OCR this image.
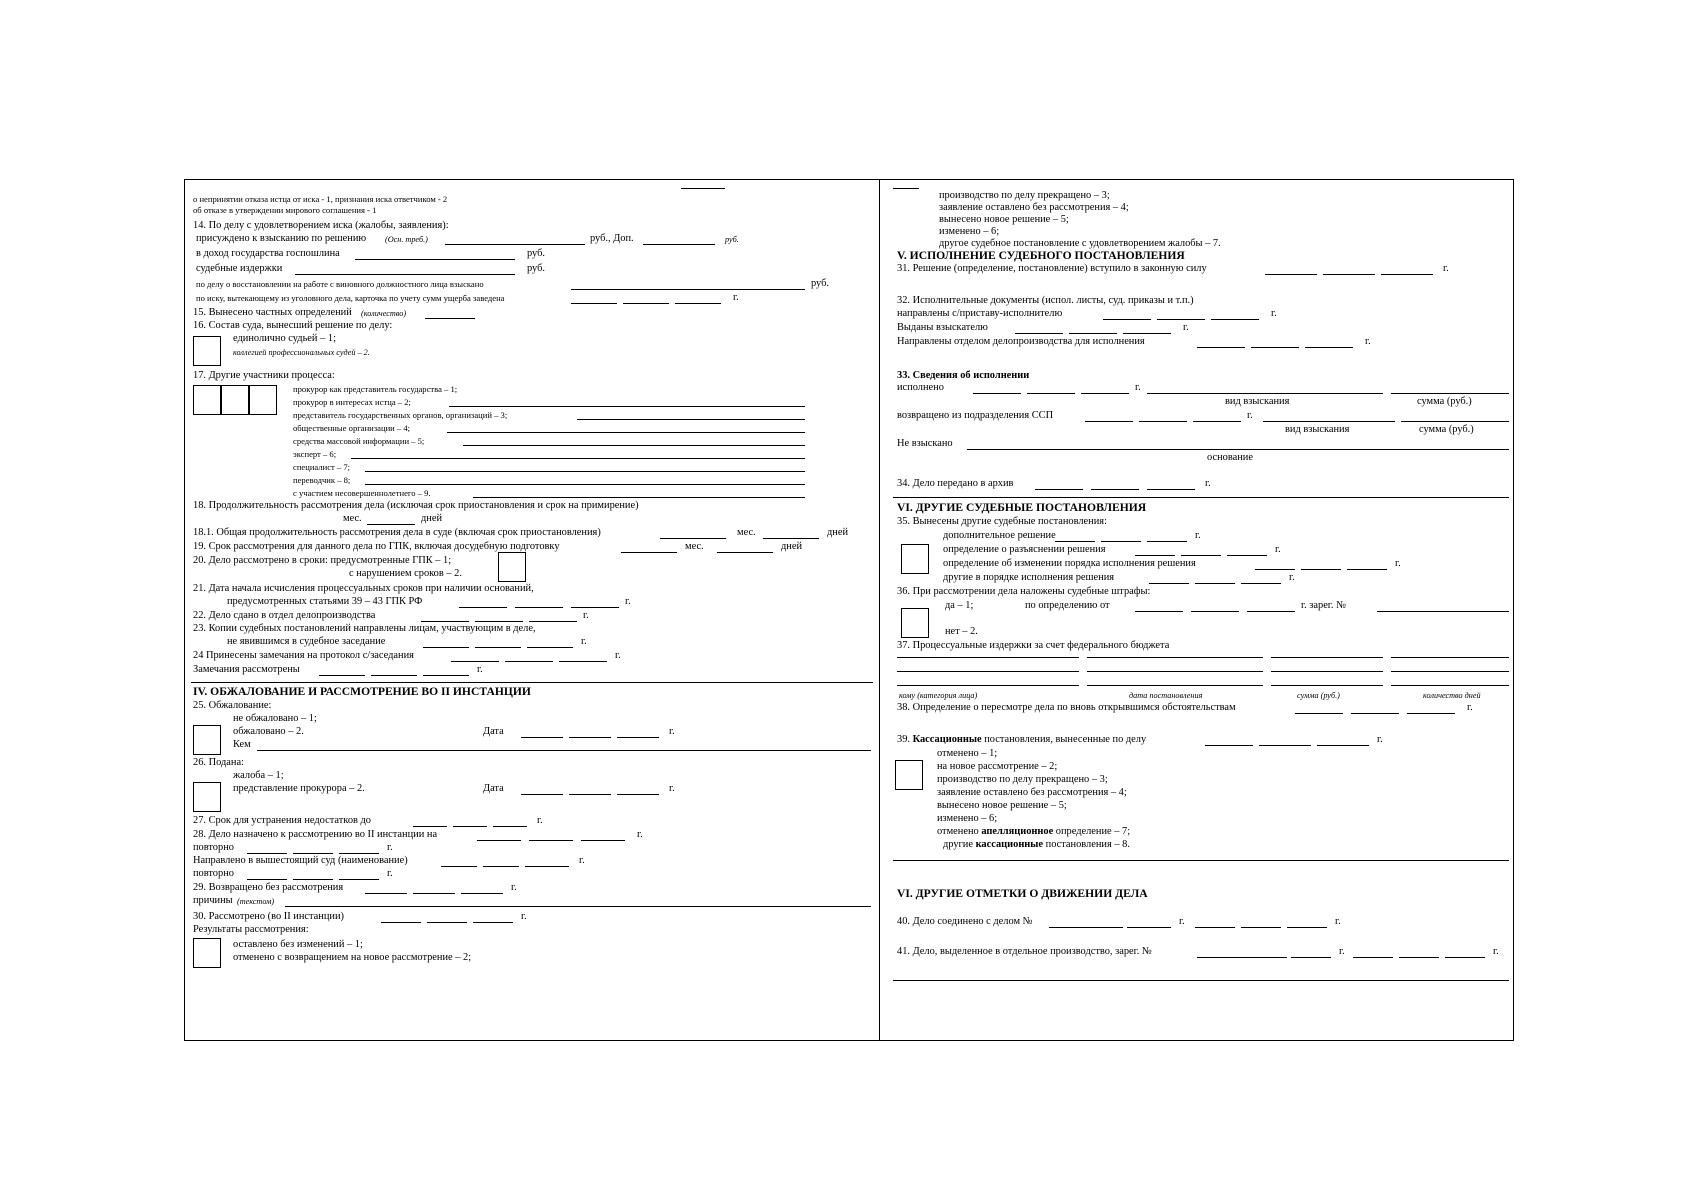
о непринятии отказа истца от иска - 1, признания иска ответчиком - 2
об отказе в утверждении мирового соглашения - 1
14. По делу с удовлетворением иска (жалобы, заявления):
присуждено к взысканию по решению (Осн. треб.)	руб., Доп.	руб.
в доход государства госпошлина	руб.
судебные издержки	руб.
по делу о восстановлении на работе с виновного должностного лица взыскано	руб.
по иску, вытекающему из уголовного дела, карточка по учету сумм ущерба заведена	г.
15. Вынесено частных определений (количество)
16. Состав суда, вынесший решение по делу:
единолично судьей – 1;
коллегией профессиональных судей – 2.
17. Другие участники процесса:
прокурор как представитель государства – 1;
прокурор в интересах истца – 2;
представитель государственных органов, организаций – 3;
общественные организации – 4;
средства массовой информации – 5;
эксперт – 6;
специалист – 7;
переводчик – 8;
с участием несовершеннолетнего – 9.
18. Продолжительность рассмотрения дела (исключая срок приостановления и срок на примирение)
мес.	дней
18.1. Общая продолжительность рассмотрения дела в суде (включая срок приостановления)	мес.	дней
19. Срок рассмотрения для данного дела по ГПК, включая досудебную подготовку	мес.	дней
20. Дело рассмотрено в сроки: предусмотренные ГПК – 1;
с нарушением сроков – 2.
21. Дата начала исчисления процессуальных сроков при наличии оснований,
предусмотренных статьями 39 – 43 ГПК РФ	г.
22. Дело сдано в отдел делопроизводства	г.
23. Копии судебных постановлений направлены лицам, участвующим в деле,
не явившимся в судебное заседание	г.
24 Принесены замечания на протокол с/заседания	г.
Замечания рассмотрены	г.
IV. ОБЖАЛОВАНИЕ И РАССМОТРЕНИЕ ВО II ИНСТАНЦИИ
25. Обжалование:
не обжаловано – 1;
обжаловано – 2.	Дата	г.
Кем
26. Подана:
жалоба – 1;
представление прокурора – 2.	Дата	г.
27. Срок для устранения недостатков до	г.
28. Дело назначено к рассмотрению во II инстанции на	г.
повторно	г.
Направлено в вышестоящий суд (наименование)	г.
повторно	г.
29. Возвращено без рассмотрения	г.
причины (текстом)
30. Рассмотрено (во II инстанции)	г.
Результаты рассмотрения:
оставлено без изменений – 1;
отменено с возвращением на новое рассмотрение – 2;
производство по делу прекращено – 3;
заявление оставлено без рассмотрения – 4;
вынесено новое решение – 5;
изменено – 6;
другое судебное постановление с удовлетворением жалобы – 7.
V. ИСПОЛНЕНИЕ СУДЕБНОГО ПОСТАНОВЛЕНИЯ
31. Решение (определение, постановление) вступило в законную силу	г.
32. Исполнительные документы (испол. листы, суд. приказы и т.п.)
направлены с/приставу-исполнителю	г.
Выданы взыскателю	г.
Направлены отделом делопроизводства для исполнения	г.
33. Сведения об исполнении
исполнено	г.
вид взыскания	сумма (руб.)
возвращено из подразделения ССП	г.
вид взыскания	сумма (руб.)
Не взыскано
основание
34. Дело передано в архив	г.
VI. ДРУГИЕ СУДЕБНЫЕ ПОСТАНОВЛЕНИЯ
35. Вынесены другие судебные постановления:
дополнительное решение	г.
определение о разъяснении решения	г.
определение об изменении порядка исполнения решения	г.
другие в порядке исполнения решения	г.
36. При рассмотрении дела наложены судебные штрафы:
да – 1;	по определению от	г. зарег. №
нет – 2.
37. Процессуальные издержки за счет федерального бюджета
кому (категория лица)	дата постановления	сумма (руб.)	количество дней
38. Определение о пересмотре дела по вновь открывшимся обстоятельствам	г.
39. Кассационные постановления, вынесенные по делу	г.
отменено – 1;
на новое рассмотрение – 2;
производство по делу прекращено – 3;
заявление оставлено без рассмотрения – 4;
вынесено новое решение – 5;
изменено – 6;
отменено апелляционное определение – 7;
другие кассационные постановления – 8.
VI. ДРУГИЕ ОТМЕТКИ О ДВИЖЕНИИ ДЕЛА
40. Дело соединено с делом №	г.	г.
41. Дело, выделенное в отдельное производство, зарег. №	г.	г.
